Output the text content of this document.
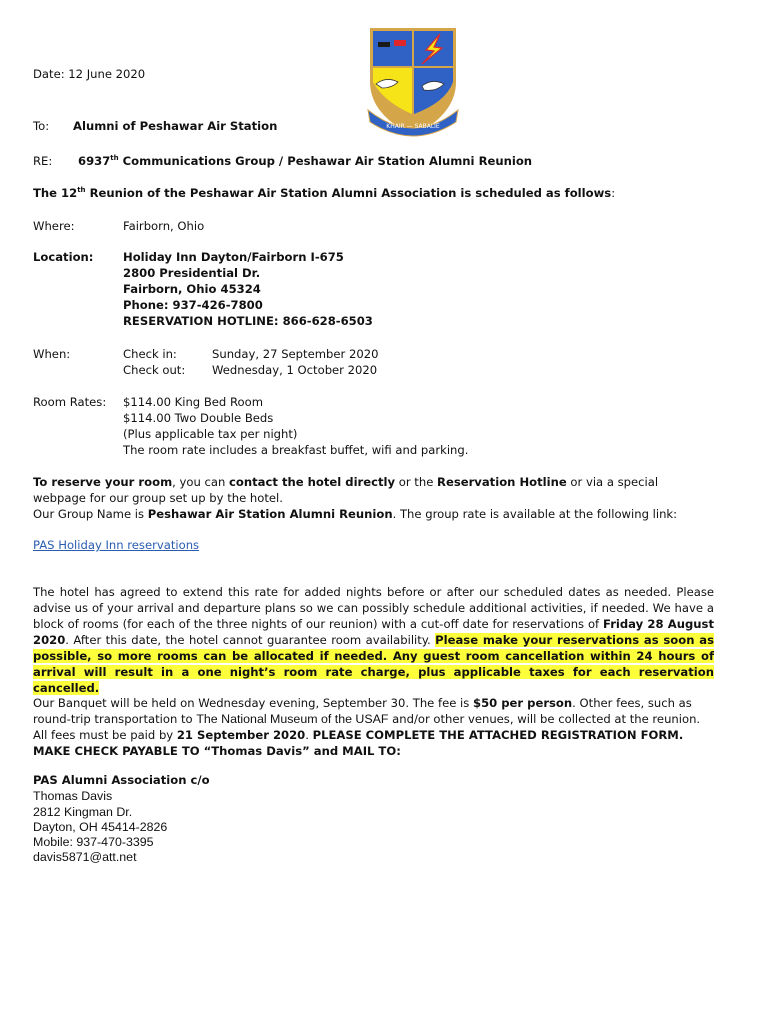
KHAIR — SABALIE
Date: 12 June 2020
To: Alumni of Peshawar Air Station
RE: 6937th Communications Group / Peshawar Air Station Alumni Reunion
The 12th Reunion of the Peshawar Air Station Alumni Association is scheduled as follows:
Where:	Fairborn, Ohio
Location:	Holiday Inn Dayton/Fairborn I-675
2800 Presidential Dr.
Fairborn, Ohio 45324
Phone: 937-426-7800
RESERVATION HOTLINE: 866-628-6503
When:	Check in:	Sunday, 27 September 2020
Check out: Wednesday, 1 October 2020
Room Rates: $114.00 King Bed Room
$114.00 Two Double Beds
(Plus applicable tax per night)
The room rate includes a breakfast buffet, wifi and parking.
To reserve your room, you can contact the hotel directly or the Reservation Hotline or via a special webpage for our group set up by the hotel.
Our Group Name is Peshawar Air Station Alumni Reunion. The group rate is available at the following link:
PAS Holiday Inn reservations
The hotel has agreed to extend this rate for added nights before or after our scheduled dates as needed. Please advise us of your arrival and departure plans so we can possibly schedule additional activities, if needed. We have a block of rooms (for each of the three nights of our reunion) with a cut-off date for reservations of Friday 28 August 2020. After this date, the hotel cannot guarantee room availability. Please make your reservations as soon as possible, so more rooms can be allocated if needed. Any guest room cancellation within 24 hours of arrival will result in a one night’s room rate charge, plus applicable taxes for each reservation cancelled.
Our Banquet will be held on Wednesday evening, September 30. The fee is $50 per person. Other fees, such as round-trip transportation to The National Museum of the USAF and/or other venues, will be collected at the reunion. All fees must be paid by 21 September 2020. PLEASE COMPLETE THE ATTACHED REGISTRATION FORM. MAKE CHECK PAYABLE TO “Thomas Davis” and MAIL TO:
PAS Alumni Association c/o
Thomas Davis
2812 Kingman Dr.
Dayton, OH 45414-2826
Mobile: 937-470-3395
davis5871@att.net
